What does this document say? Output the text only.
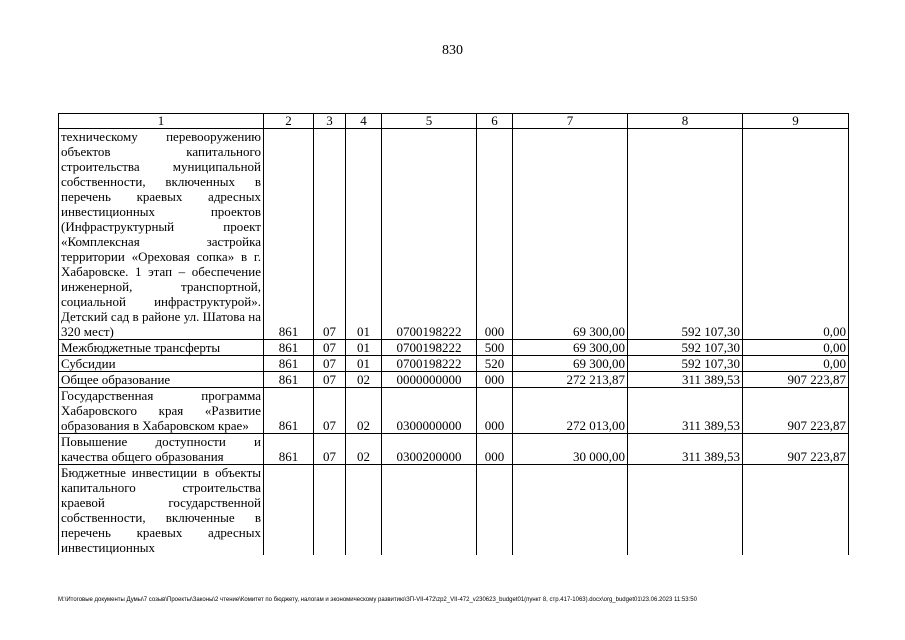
830
1	2	3	4	5	6	7	8	9
техническому перевооружению объектов капитального строительства муниципальной собственности, включенных в перечень краевых адресных инвестиционных проектов (Инфраструктурный проект «Комплексная застройка территории «Ореховая сопка» в г. Хабаровске. 1 этап – обеспечение инженерной, транспортной, социальной инфраструктурой». Детский сад в районе ул. Шатова на 320 мест)	861	07	01	0700198222	000	69 300,00	592 107,30	0,00
Межбюджетные трансферты	861	07	01	0700198222	500	69 300,00	592 107,30	0,00
Субсидии	861	07	01	0700198222	520	69 300,00	592 107,30	0,00
Общее образование	861	07	02	0000000000	000	272 213,87	311 389,53	907 223,87
Государственная программа Хабаровского края «Развитие образования в Хабаровском крае»	861	07	02	0300000000	000	272 013,00	311 389,53	907 223,87
Повышение доступности и качества общего образования	861	07	02	0300200000	000	30 000,00	311 389,53	907 223,87
Бюджетные инвестиции в объекты капитального строительства краевой государственной собственности, включенные в перечень краевых адресных инвестиционных								
M:\Итоговые документы Думы\7 созыв\Проекты\Законы\2 чтение\Комитет по бюджету, налогам и экономическому развитию\ЗП-VII-472\zp2_VII-472_v230623_budget01(пункт 8, стр.417-1063).docx\org_budget01\23.06.2023 11:53:50
